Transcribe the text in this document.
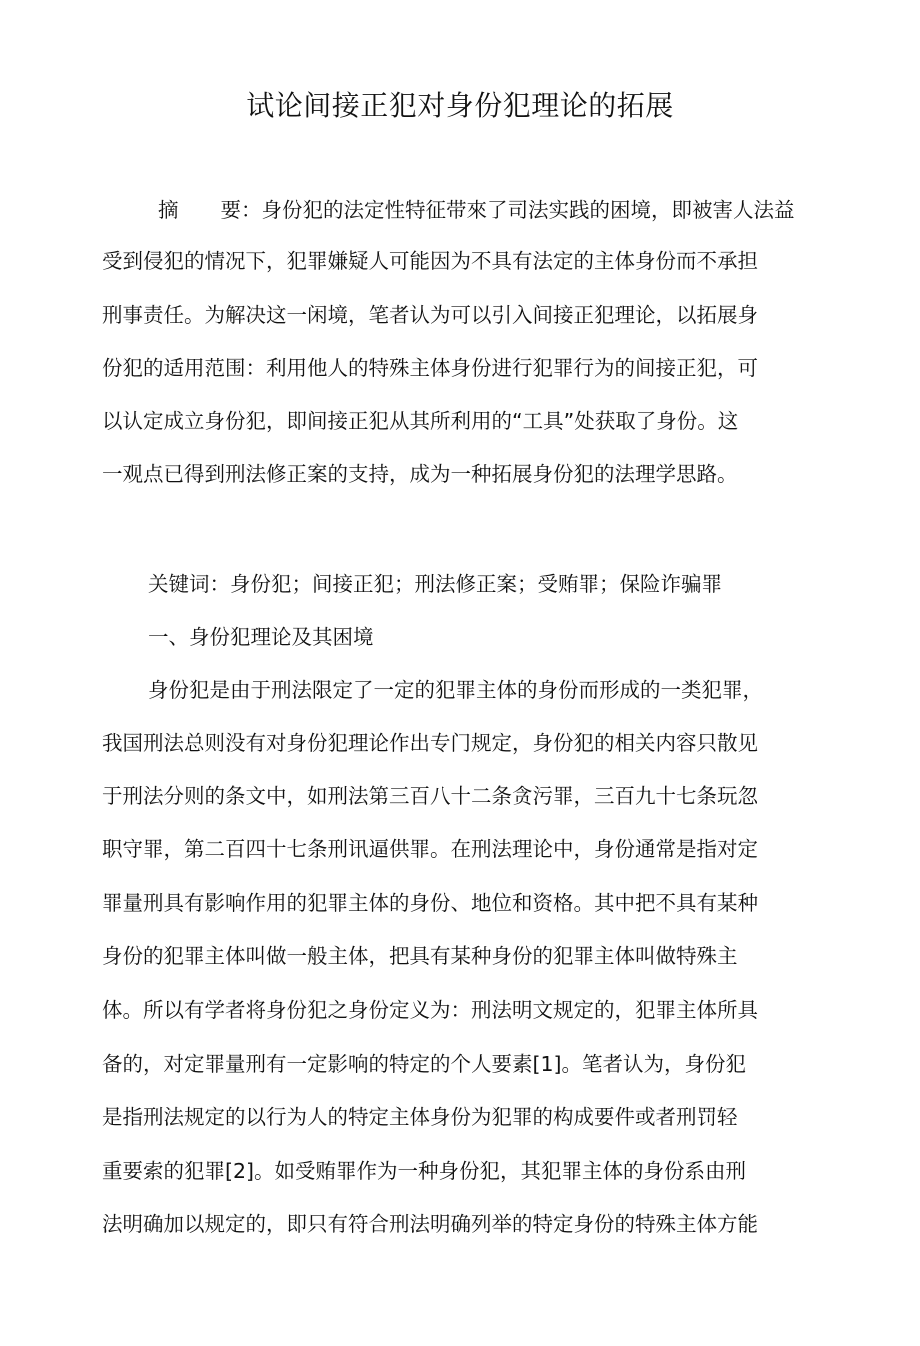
试论间接正犯对身份犯理论的拓展
摘 要：身份犯的法定性特征带來了司法实践的困境，即被害人法益
受到侵犯的情况下，犯罪嫌疑人可能因为不具有法定的主体身份而不承担
刑事责任。为解决这一闲境，笔者认为可以引入间接正犯理论，以拓展身
份犯的适用范围：利用他人的特殊主体身份进行犯罪行为的间接正犯，可
以认定成立身份犯，即间接正犯从其所利用的“工具”处获取了身份。这
一观点已得到刑法修正案的支持，成为一种拓展身份犯的法理学思路。
关键词：身份犯；间接正犯；刑法修正案；受贿罪；保险诈骗罪
一、身份犯理论及其困境
身份犯是由于刑法限定了一定的犯罪主体的身份而形成的一类犯罪，
我国刑法总则没有对身份犯理论作出专门规定，身份犯的相关内容只散见
于刑法分则的条文中，如刑法第三百八十二条贪污罪，三百九十七条玩忽
职守罪，第二百四十七条刑讯逼供罪。在刑法理论中，身份通常是指对定
罪量刑具有影响作用的犯罪主体的身份、地位和资格。其中把不具有某种
身份的犯罪主体叫做一般主体，把具有某种身份的犯罪主体叫做特殊主
体。所以有学者将身份犯之身份定义为：刑法明文规定的，犯罪主体所具
备的，对定罪量刑有一定影响的特定的个人要素[1]。笔者认为，身份犯
是指刑法规定的以行为人的特定主体身份为犯罪的构成要件或者刑罚轻
重要索的犯罪[2]。如受贿罪作为一种身份犯，其犯罪主体的身份系由刑
法明确加以规定的，即只有符合刑法明确列举的特定身份的特殊主体方能
